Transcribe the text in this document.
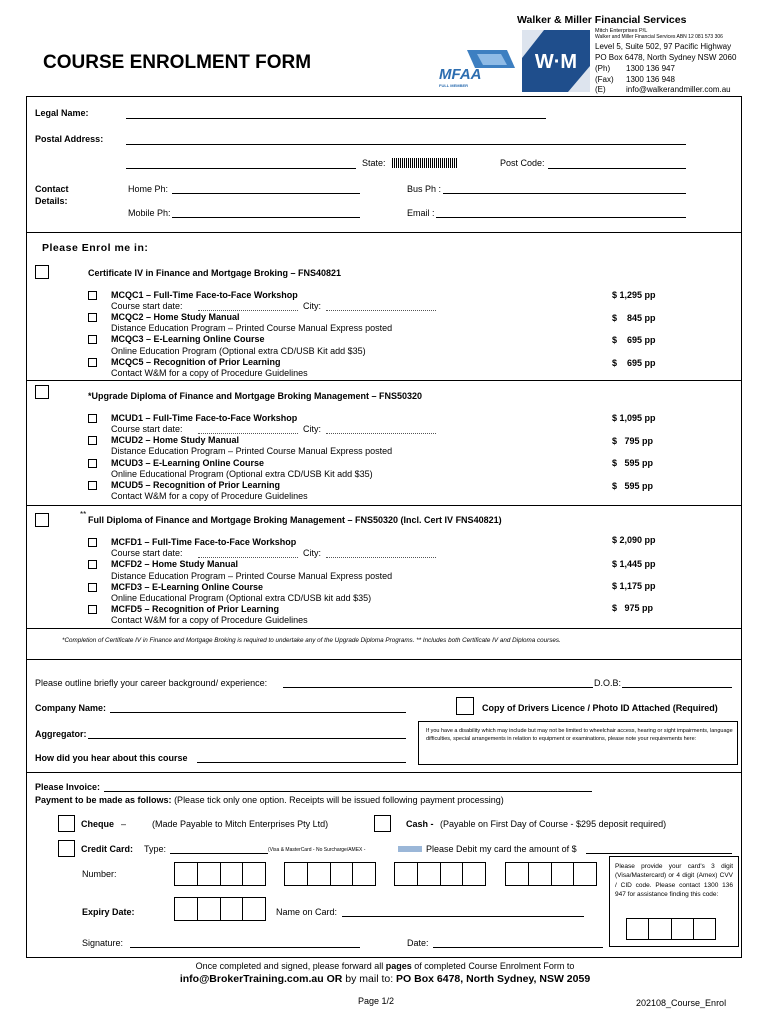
COURSE ENROLMENT FORM
MFAA
FULL MEMBER
W·M
Walker & Miller Financial Services
Mitch Enterprises P/L
Walker and Miller Financial Services ABN 12 081 573 306
Level 5, Suite 502, 97 Pacific Highway
PO Box 6478, North Sydney NSW 2060
(Ph) 1300 136 947
(Fax) 1300 136 948
(E)	info@walkerandmiller.com.au
Legal Name:
Postal Address:
State:	Post Code:
Contact
Details:
Home Ph:	Bus Ph :
Mobile Ph:	Email :
Please Enrol me in:
Certificate IV in Finance and Mortgage Broking – FNS40821
MCQC1 – Full-Time Face-to-Face Workshop
Course start date:	City:
$ 1,295 pp
MCQC2 – Home Study Manual
Distance Education Program – Printed Course Manual Express posted
$    845 pp
MCQC3 – E-Learning Online Course
Online Education Program (Optional extra CD/USB Kit add $35)
$    695 pp
MCQC5 – Recognition of Prior Learning
Contact W&M for a copy of Procedure Guidelines
$    695 pp
*Upgrade Diploma of Finance and Mortgage Broking Management – FNS50320
MCUD1 – Full-Time Face-to-Face Workshop
Course start date:	City:
$ 1,095 pp
MCUD2 – Home Study Manual
Distance Education Program – Printed Course Manual Express posted
$   795 pp
MCUD3 – E-Learning Online Course
Online Educational Program (Optional extra CD/USB Kit add $35)
$   595 pp
MCUD5 – Recognition of Prior Learning
Contact W&M for a copy of Procedure Guidelines
$   595 pp
**
Full Diploma of Finance and Mortgage Broking Management – FNS50320 (Incl. Cert IV FNS40821)
MCFD1 – Full-Time Face-to-Face Workshop
Course start date:	City:
$ 2,090 pp
MCFD2 – Home Study Manual
Distance Education Program – Printed Course Manual Express posted
$ 1,445 pp
MCFD3 – E-Learning Online Course
Online Educational Program (Optional extra CD/USB kit add $35)
$ 1,175 pp
MCFD5 – Recognition of Prior Learning
Contact W&M for a copy of Procedure Guidelines
$   975 pp
*Completion of Certificate IV in Finance and Mortgage Broking is required to undertake any of the Upgrade Diploma Programs. ** Includes both Certificate IV and Diploma courses.
Please outline briefly your career background/ experience:	D.O.B:
Company Name:	Copy of Drivers Licence / Photo ID Attached (Required)
Aggregator:	If you have a disability which may include but may not be limited to wheelchair access, hearing or sight impairments, language difficulties, special arrangements in relation to equipment or examinations, please note your requirements here:
How did you hear about this course
Please Invoice:
Payment to be made as follows: (Please tick only one option. Receipts will be issued following payment processing)
Cheque –	(Made Payable to Mitch Enterprises Pty Ltd)	Cash - (Payable on First Day of Course - $295 deposit required)
Credit Card: Type:	(Visa & MasterCard - No Surcharge/AMEX -	Please Debit my card the amount of $
Number:
Expiry Date:	Name on Card:
Please provide your card's 3 digit (Visa/Mastercard) or 4 digit (Amex) CVV / CID code. Please contact 1300 136 947 for assistance finding this code:
Signature:	Date:
Once completed and signed, please forward all pages of completed Course Enrolment Form to
info@BrokerTraining.com.au OR by mail to: PO Box 6478, North Sydney, NSW 2059
Page 1/2	202108_Course_Enrol
